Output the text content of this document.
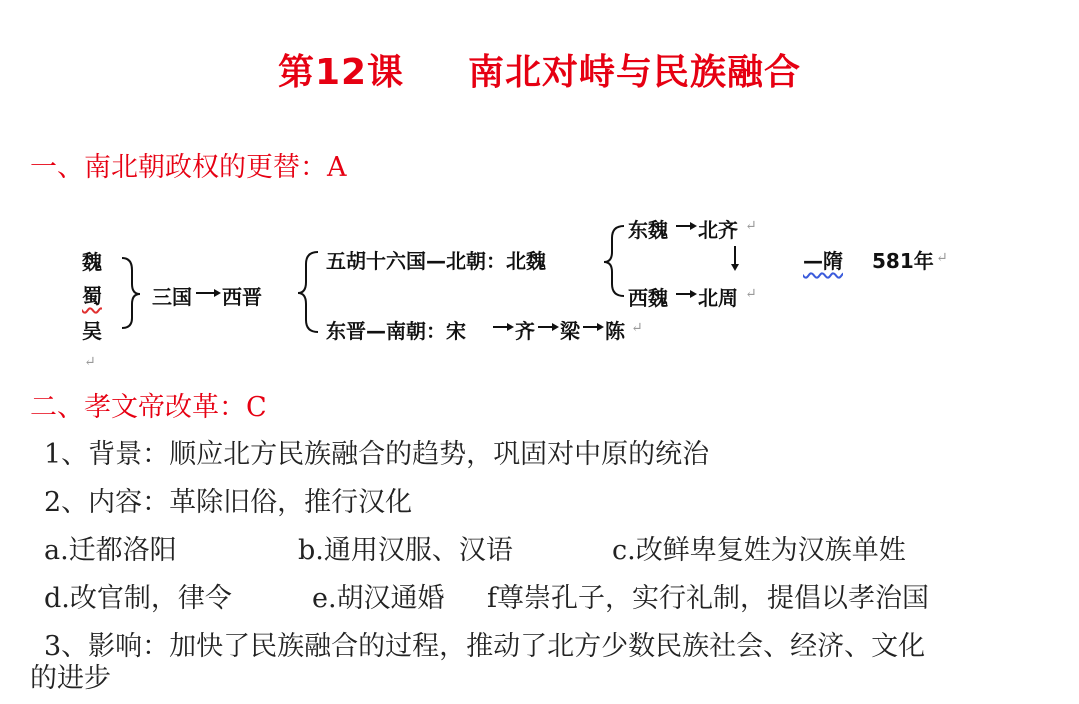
第12课 南北对峙与民族融合
一、南北朝政权的更替：A
魏
蜀
吴
↵
三国 西晋
五胡十六国—北朝：北魏
东晋—南朝：宋 齐 梁 陈 ↵
东魏 北齐 ↵
西魏 北周 ↵
—隋 581年 ↵
二、孝文帝改革：C
1、背景：顺应北方民族融合的趋势，巩固对中原的统治
2、内容：革除旧俗，推行汉化
a.迁都洛阳	b.通用汉服、汉语	c.改鲜卑复姓为汉族单姓
d.改官制，律令	e.胡汉通婚 f尊崇孔子，实行礼制，提倡以孝治国
3、影响：加快了民族融合的过程，推动了北方少数民族社会、经济、文化
的进步
